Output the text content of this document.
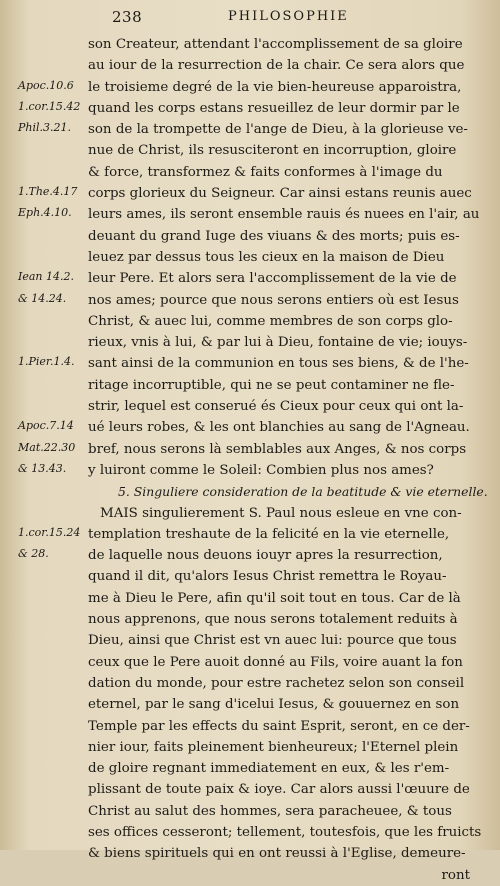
238	PHILOSOPHIE
son Createur, attendant l'accomplissement de sa gloire
au iour de la resurrection de la chair. Ce sera alors que
Apoc.10.6	le troisieme degré de la vie bien-heureuse apparoistra,
1.cor.15.42 quand les corps estans resueillez de leur dormir par le
Phil.3.21.	son de la trompette de l'ange de Dieu, à la glorieuse ve-
nue de Christ, ils resusciteront en incorruption, gloire
& force, transformez & faits conformes à l'image du
1.The.4.17 corps glorieux du Seigneur. Car ainsi estans reunis auec
Eph.4.10.	leurs ames, ils seront ensemble rauis és nuees en l'air, au
deuant du grand Iuge des viuans & des morts; puis es-
leuez par dessus tous les cieux en la maison de Dieu
Iean 14.2.	leur Pere. Et alors sera l'accomplissement de la vie de
& 14.24.	nos ames; pource que nous serons entiers où est Iesus
Christ, & auec lui, comme membres de son corps glo-
rieux, vnis à lui, & par lui à Dieu, fontaine de vie; iouys-
1.Pier.1.4.	sant ainsi de la communion en tous ses biens, & de l'he-
ritage incorruptible, qui ne se peut contaminer ne fle-
strir, lequel est conserué és Cieux pour ceux qui ont la-
Apoc.7.14	ué leurs robes, & les ont blanchies au sang de l'Agneau.
Mat.22.30 bref, nous serons là semblables aux Anges, & nos corps
& 13.43.	y luiront comme le Soleil: Combien plus nos ames?
5. Singuliere consideration de la beatitude & vie eternelle.
MAIS singulierement S. Paul nous esleue en vne con-
1.cor.15.24 templation treshaute de la felicité en la vie eternelle,
& 28.	de laquelle nous deuons iouyr apres la resurrection,
quand il dit, qu'alors Iesus Christ remettra le Royau-
me à Dieu le Pere, afin qu'il soit tout en tous. Car de là
nous apprenons, que nous serons totalement reduits à
Dieu, ainsi que Christ est vn auec lui: pource que tous
ceux que le Pere auoit donné au Fils, voire auant la fon
dation du monde, pour estre rachetez selon son conseil
eternel, par le sang d'icelui Iesus, & gouuernez en son
Temple par les effects du saint Esprit, seront, en ce der-
nier iour, faits pleinement bienheureux; l'Eternel plein
de gloire regnant immediatement en eux, & les r'em-
plissant de toute paix & ioye. Car alors aussi l'œuure de
Christ au salut des hommes, sera paracheuee, & tous
ses offices cesseront; tellement, toutesfois, que les fruicts
& biens spirituels qui en ont reussi à l'Eglise, demeure-
ront
